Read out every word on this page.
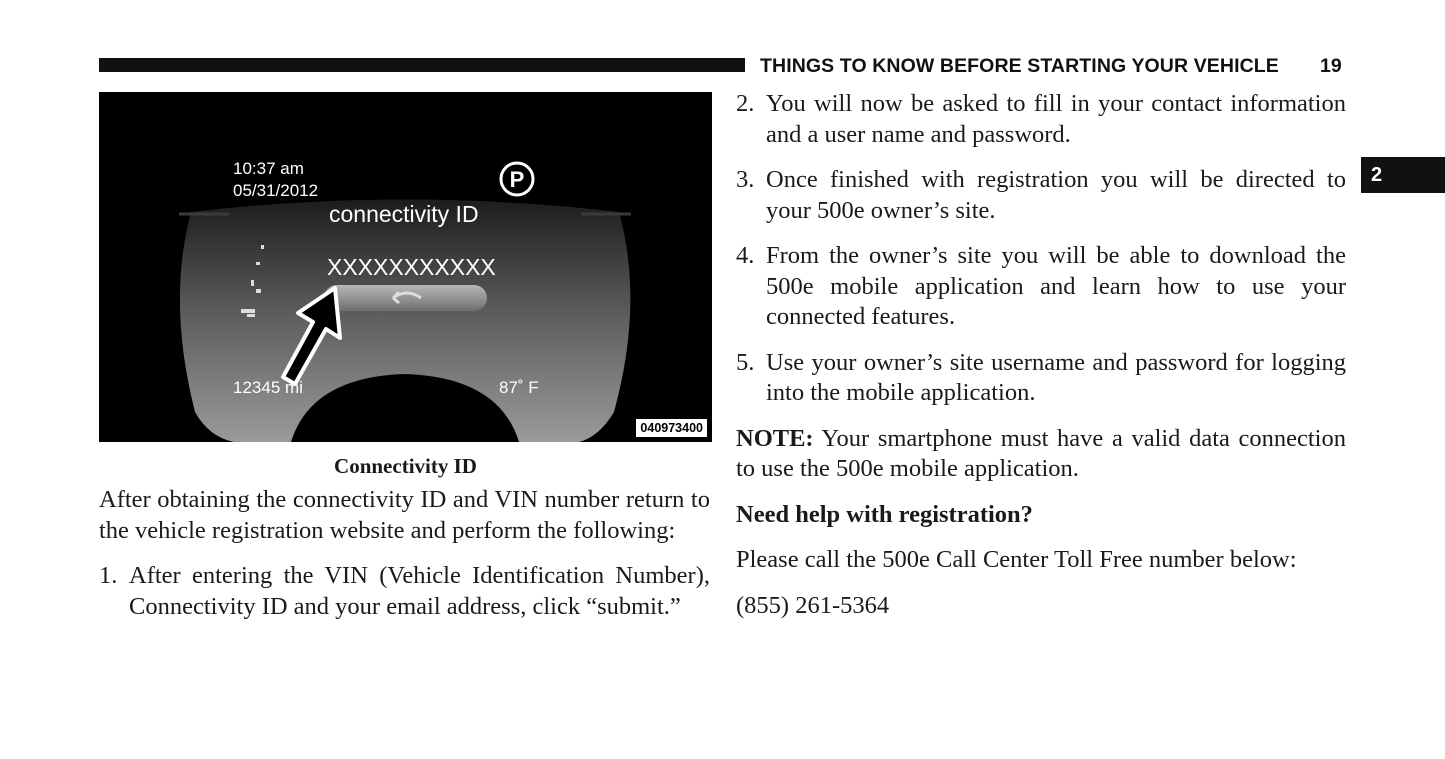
THINGS TO KNOW BEFORE STARTING YOUR VEHICLE 19
2
P
10:37 am
05/31/2012
connectivity ID
XXXXXXXXXXX
12345 mi	87˚ F
040973400
Connectivity ID

After obtaining the connectivity ID and VIN number return to the vehicle registration website and perform the following:

1. After entering the VIN (Vehicle Identification Number), Connectivity ID and your email address, click “submit.”
2. You will now be asked to fill in your contact information and a user name and password.
3. Once finished with registration you will be directed to your 500e owner’s site.
4. From the owner’s site you will be able to download the 500e mobile application and learn how to use your connected features.
5. Use your owner’s site username and password for logging into the mobile application.

NOTE: Your smartphone must have a valid data connection to use the 500e mobile application.

Need help with registration?

Please call the 500e Call Center Toll Free number below:

(855) 261-5364
